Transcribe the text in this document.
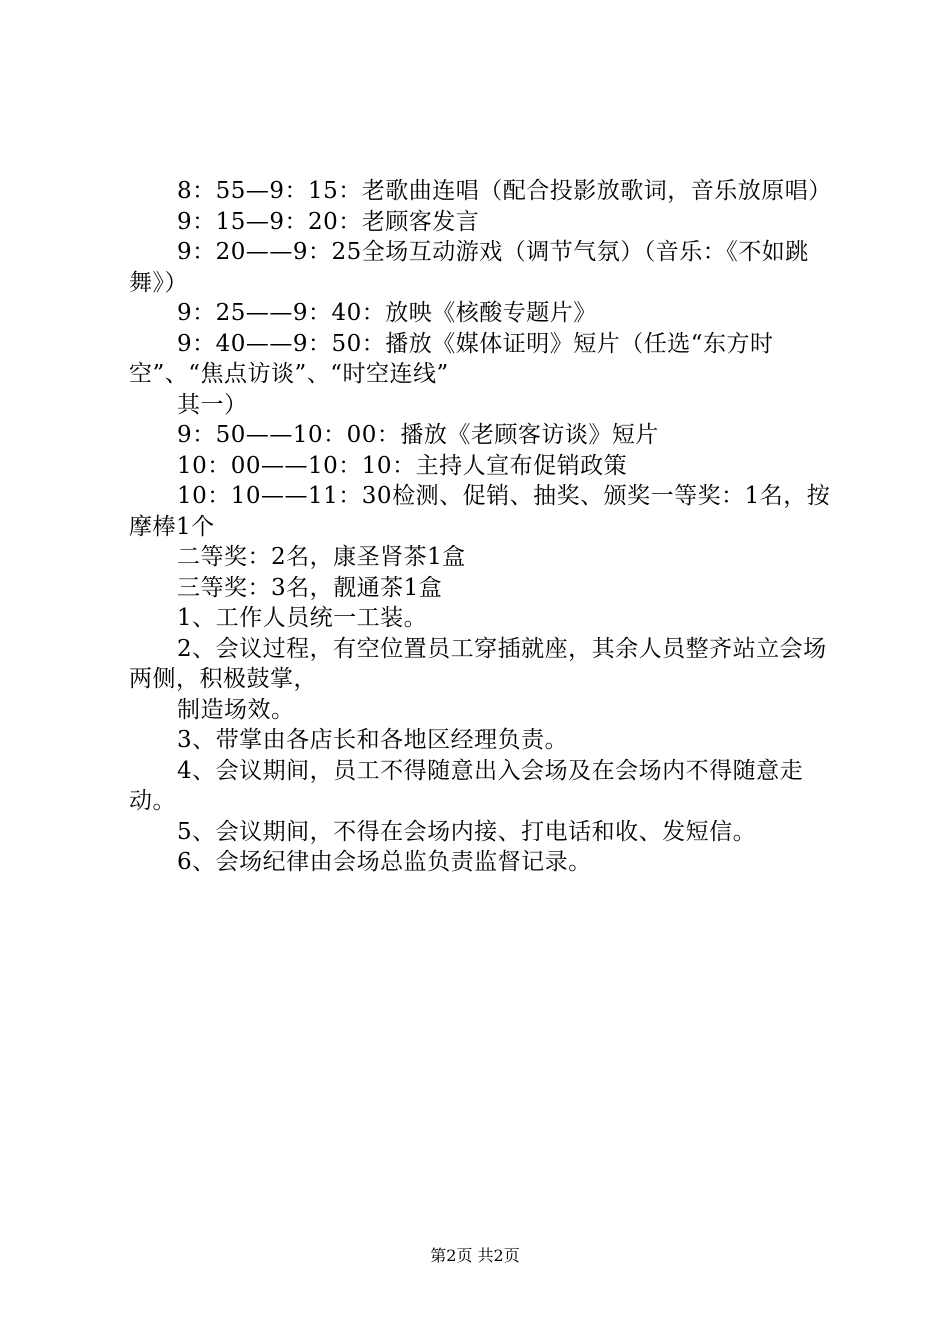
8：55—9：15：老歌曲连唱（配合投影放歌词，音乐放原唱）

9：15—9：20：老顾客发言

9：20——9：25全场互动游戏（调节气氛）（音乐：《不如跳舞》）

9：25——9：40：放映《核酸专题片》

9：40——9：50：播放《媒体证明》短片（任选“东方时空”、“焦点访谈”、“时空连线”

其一）

9：50——10：00：播放《老顾客访谈》短片

10：00——10：10：主持人宣布促销政策

10：10——11：30检测、促销、抽奖、颁奖一等奖：1名，按摩棒1个

二等奖：2名，康圣肾茶1盒

三等奖：3名，靓通茶1盒

1、工作人员统一工装。

2、会议过程，有空位置员工穿插就座，其余人员整齐站立会场两侧，积极鼓掌，

制造场效。

3、带掌由各店长和各地区经理负责。

4、会议期间，员工不得随意出入会场及在会场内不得随意走动。

5、会议期间，不得在会场内接、打电话和收、发短信。

6、会场纪律由会场总监负责监督记录。

第2页 共2页
